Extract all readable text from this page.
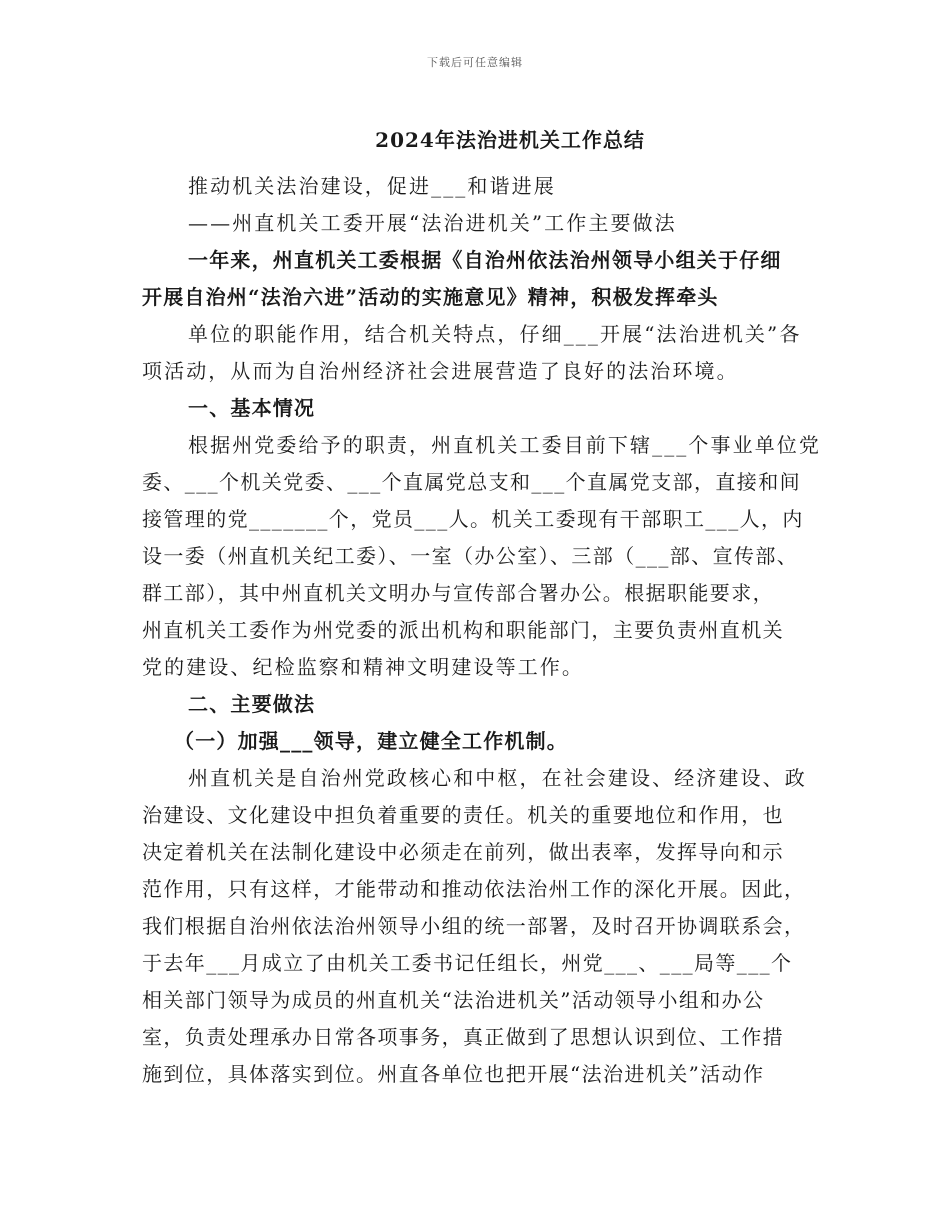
下载后可任意编辑
2024年法治进机关工作总结
推动机关法治建设，促进___和谐进展
——州直机关工委开展“法治进机关”工作主要做法
一年来，州直机关工委根据《自治州依法治州领导小组关于仔细
开展自治州“法治六进”活动的实施意见》精神，积极发挥牵头
单位的职能作用，结合机关特点，仔细___开展“法治进机关”各
项活动，从而为自治州经济社会进展营造了良好的法治环境。
一、基本情况
根据州党委给予的职责，州直机关工委目前下辖___个事业单位党
委、___个机关党委、___个直属党总支和___个直属党支部，直接和间
接管理的党_______个，党员___人。机关工委现有干部职工___人，内
设一委（州直机关纪工委）、一室（办公室）、三部（___部、宣传部、
群工部），其中州直机关文明办与宣传部合署办公。根据职能要求，
州直机关工委作为州党委的派出机构和职能部门，主要负责州直机关
党的建设、纪检监察和精神文明建设等工作。
二、主要做法
（一）加强___领导，建立健全工作机制。
州直机关是自治州党政核心和中枢，在社会建设、经济建设、政
治建设、文化建设中担负着重要的责任。机关的重要地位和作用，也
决定着机关在法制化建设中必须走在前列，做出表率，发挥导向和示
范作用，只有这样，才能带动和推动依法治州工作的深化开展。因此，
我们根据自治州依法治州领导小组的统一部署，及时召开协调联系会，
于去年___月成立了由机关工委书记任组长，州党___、___局等___个
相关部门领导为成员的州直机关“法治进机关”活动领导小组和办公
室，负责处理承办日常各项事务，真正做到了思想认识到位、工作措
施到位，具体落实到位。州直各单位也把开展“法治进机关”活动作
